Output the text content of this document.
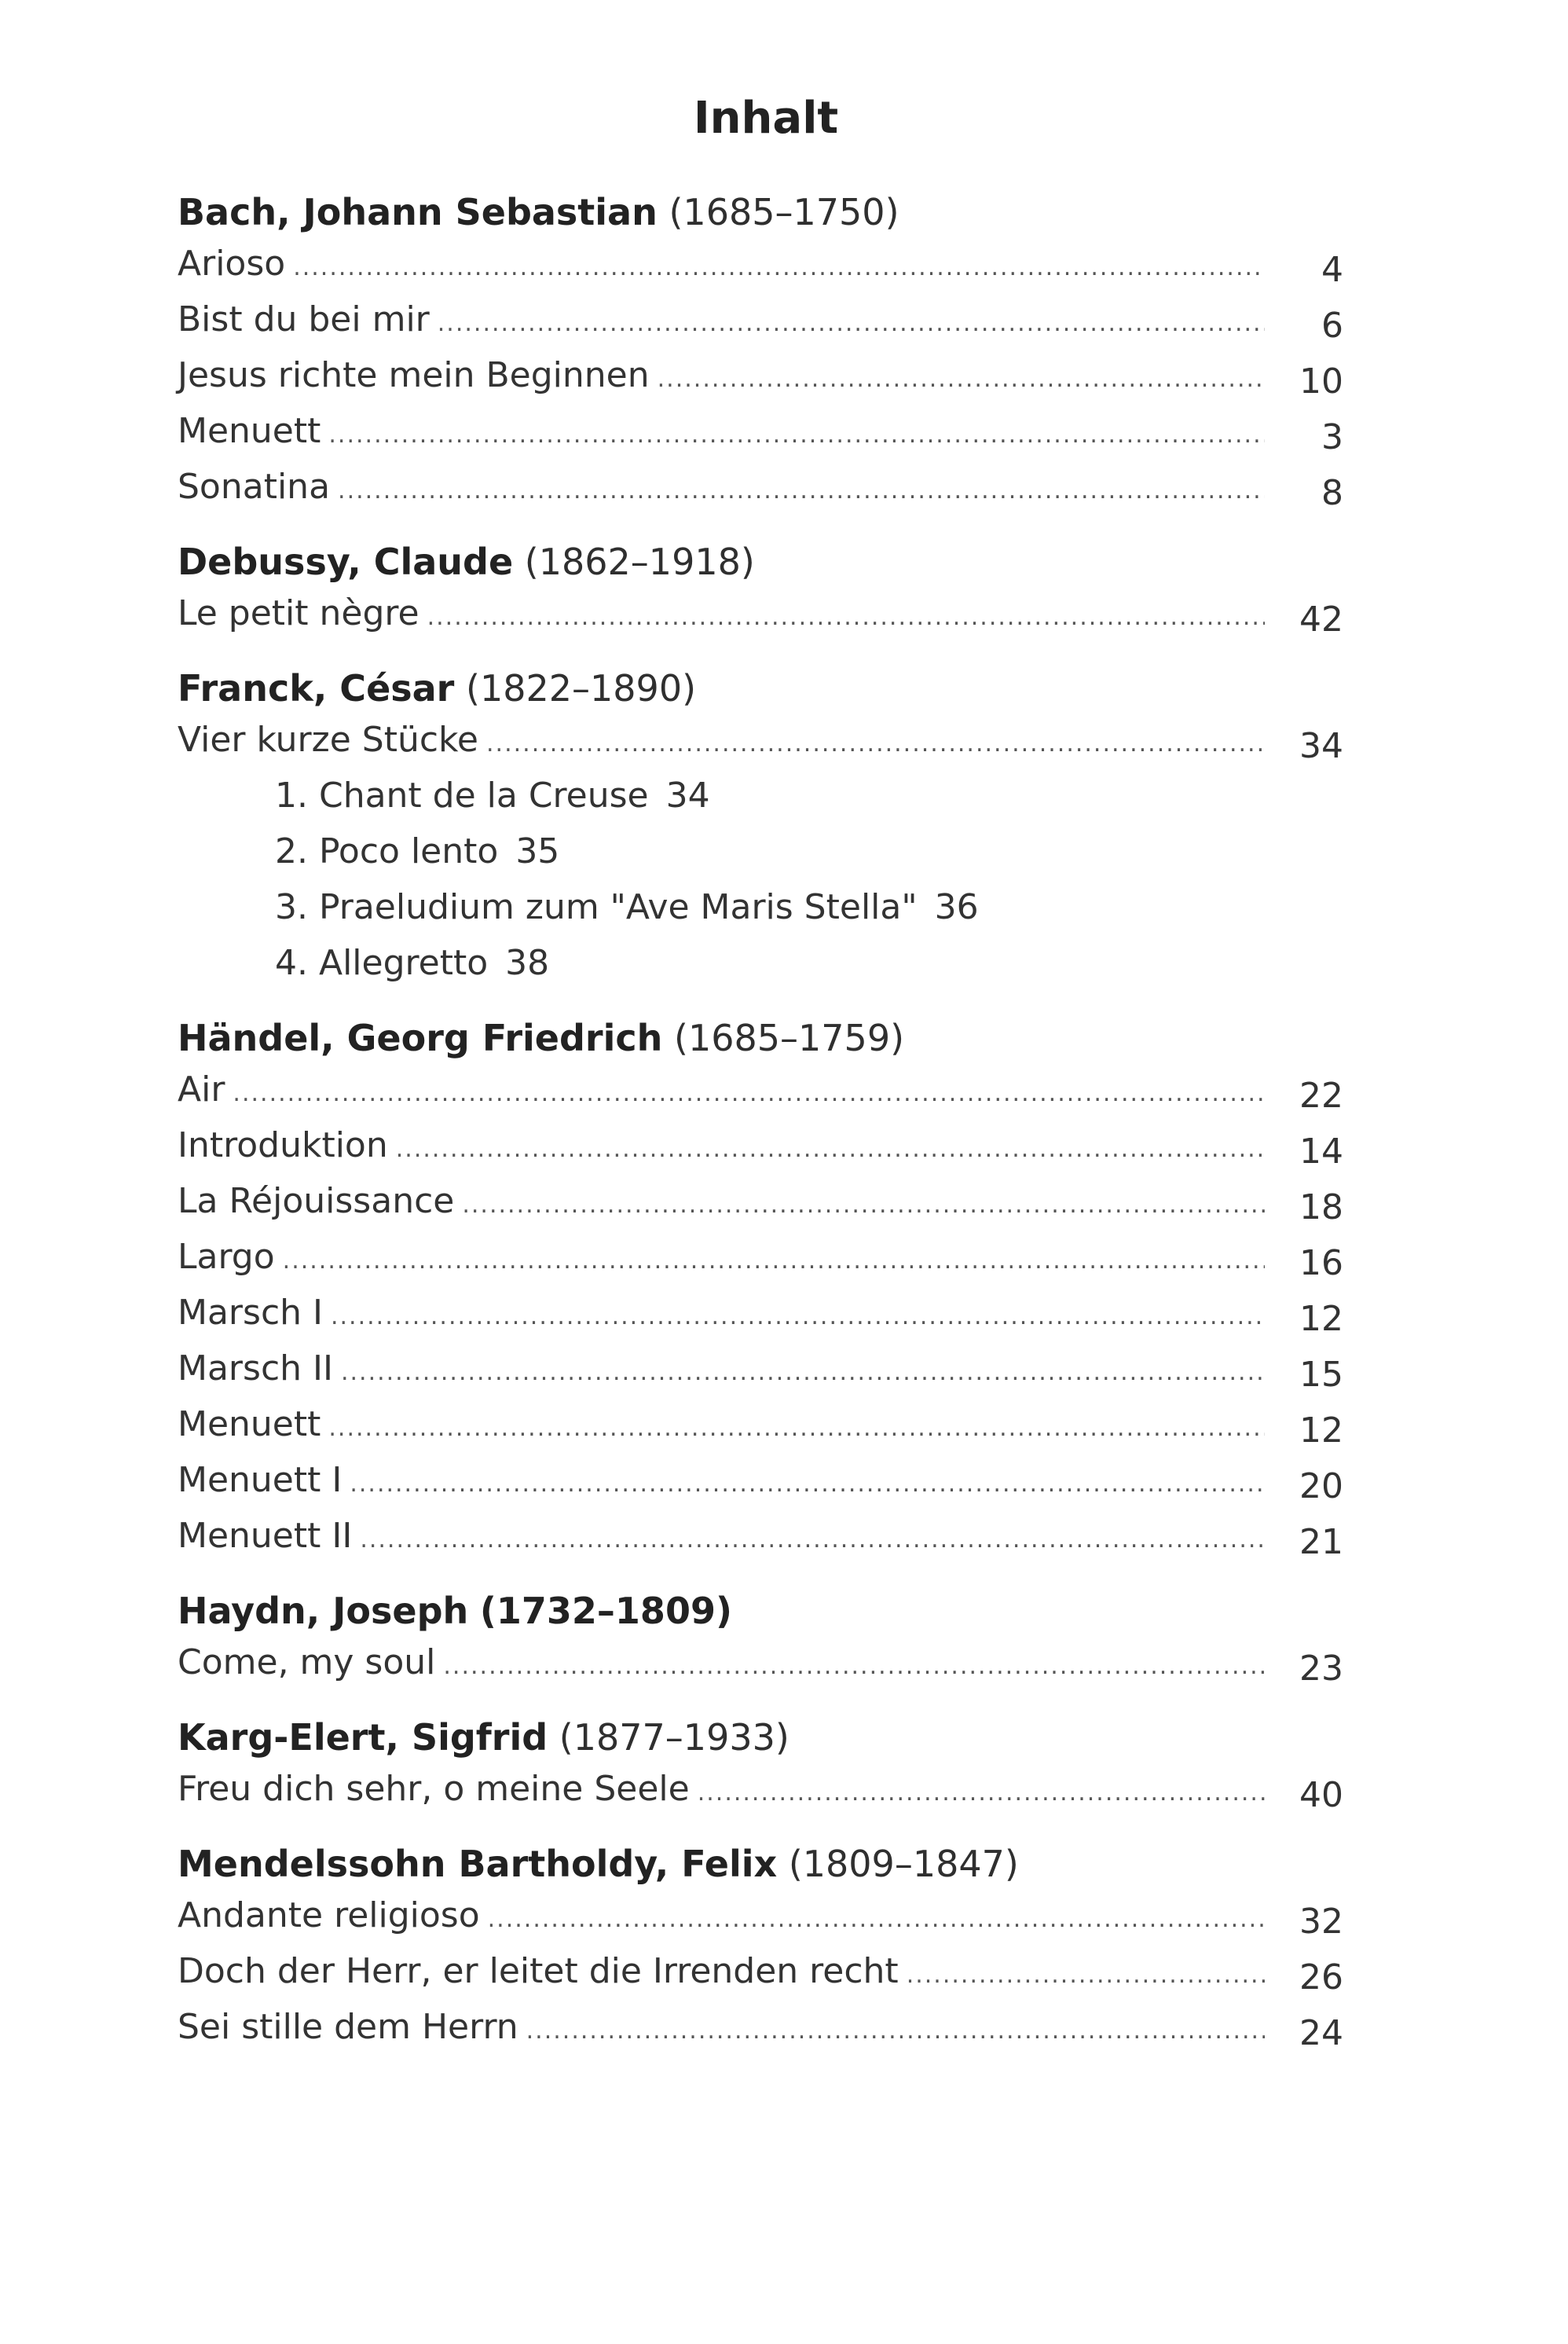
Inhalt
Bach, Johann Sebastian (1685–1750)
Arioso .....	4
Bist du bei mir .....	6
Jesus richte mein Beginnen .....	10
Menuett .....	3
Sonatina .....	8
Debussy, Claude (1862–1918)
Le petit nègre .....	42
Franck, César (1822–1890)
Vier kurze Stücke .....	34
1. Chant de la Creuse 34
2. Poco lento 35
3. Praeludium zum "Ave Maris Stella" 36
4. Allegretto 38
Händel, Georg Friedrich (1685–1759)
Air .....	22
Introduktion .....	14
La Réjouissance .....	18
Largo .....	16
Marsch I .....	12
Marsch II .....	15
Menuett .....	12
Menuett I .....	20
Menuett II .....	21
Haydn, Joseph (1732–1809)
Come, my soul .....	23
Karg-Elert, Sigfrid (1877–1933)
Freu dich sehr, o meine Seele .....	40
Mendelssohn Bartholdy, Felix (1809–1847)
Andante religioso .....	32
Doch der Herr, er leitet die Irrenden recht .....	26
Sei stille dem Herrn .....	24
